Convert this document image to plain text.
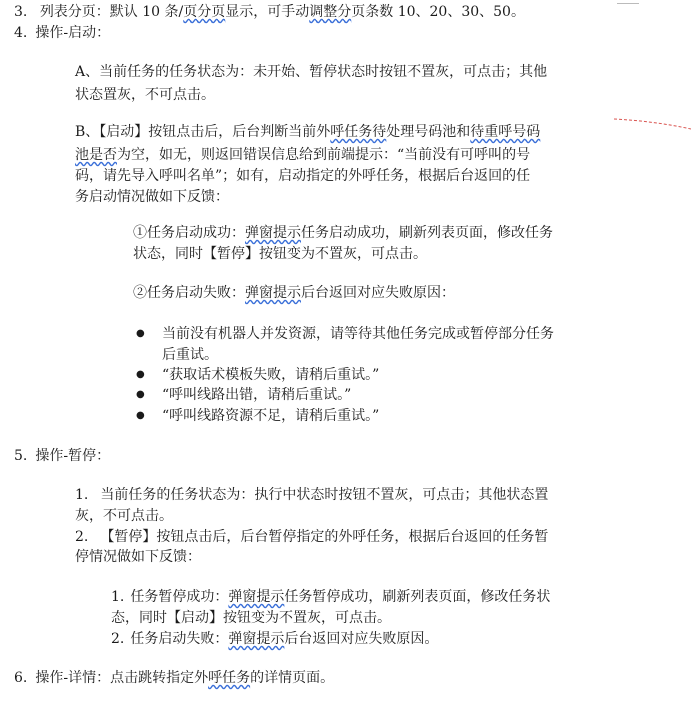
3. 列表分页：默认 10 条/页分页显示，可手动调整分页条数 10、20、30、50。
4. 操作-启动：
A、当前任务的任务状态为：未开始、暂停状态时按钮不置灰，可点击；其他
状态置灰，不可点击。
B、【启动】按钮点击后，后台判断当前外呼任务待处理号码池和待重呼号码
池是否为空，如无，则返回错误信息给到前端提示：“当前没有可呼叫的号
码，请先导入呼叫名单”；如有，启动指定的外呼任务，根据后台返回的任
务启动情况做如下反馈：
①任务启动成功：弹窗提示任务启动成功，刷新列表页面，修改任务
状态，同时【暂停】按钮变为不置灰，可点击。
②任务启动失败：弹窗提示后台返回对应失败原因：
● 当前没有机器人并发资源，请等待其他任务完成或暂停部分任务
后重试。
● “获取话术模板失败，请稍后重试。”
● “呼叫线路出错，请稍后重试。”
● “呼叫线路资源不足，请稍后重试。”
5. 操作-暂停：
1. 当前任务的任务状态为：执行中状态时按钮不置灰，可点击；其他状态置
灰，不可点击。
2. 【暂停】按钮点击后，后台暂停指定的外呼任务，根据后台返回的任务暂
停情况做如下反馈：
1. 任务暂停成功：弹窗提示任务暂停成功，刷新列表页面，修改任务状
态，同时【启动】按钮变为不置灰，可点击。
2. 任务启动失败：弹窗提示后台返回对应失败原因。
6. 操作-详情：点击跳转指定外呼任务的详情页面。
